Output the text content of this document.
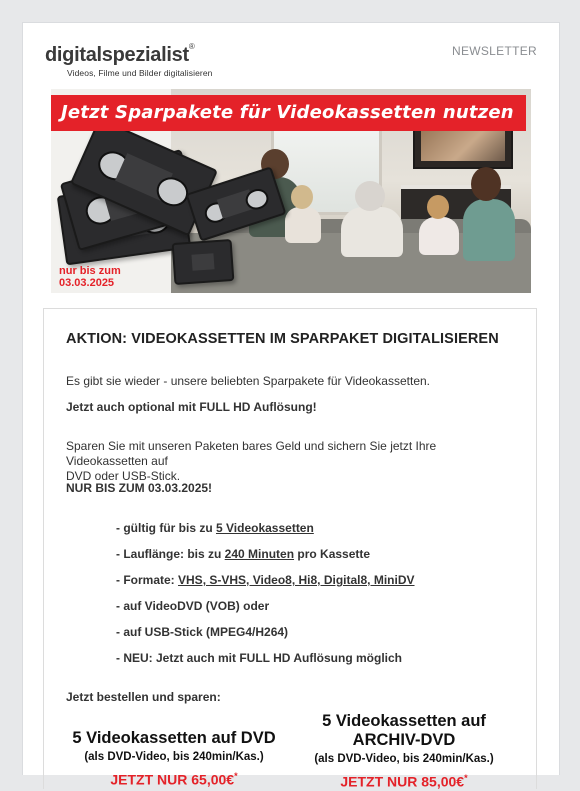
digitalspezialist®
Videos, Filme und Bilder digitalisieren
NEWSLETTER
Jetzt Sparpakete für Videokassetten nutzen
nur bis zum
03.03.2025
AKTION: VIDEOKASSETTEN IM SPARPAKET DIGITALISIEREN
Es gibt sie wieder - unsere beliebten Sparpakete für Videokassetten.
Jetzt auch optional mit FULL HD Auflösung!
Sparen Sie mit unseren Paketen bares Geld und sichern Sie jetzt Ihre Videokassetten auf
DVD oder USB-Stick.
NUR BIS ZUM 03.03.2025!
- gültig für bis zu 5 Videokassetten
- Lauflänge: bis zu 240 Minuten pro Kassette
- Formate: VHS, S-VHS, Video8, Hi8, Digital8, MiniDV
- auf VideoDVD (VOB) oder
- auf USB-Stick (MPEG4/H264)
- NEU: Jetzt auch mit FULL HD Auflösung möglich
Jetzt bestellen und sparen:
5 Videokassetten auf DVD
(als DVD-Video, bis 240min/Kas.)
JETZT NUR 65,00€*
5 Videokassetten auf
ARCHIV-DVD
(als DVD-Video, bis 240min/Kas.)
JETZT NUR 85,00€*
